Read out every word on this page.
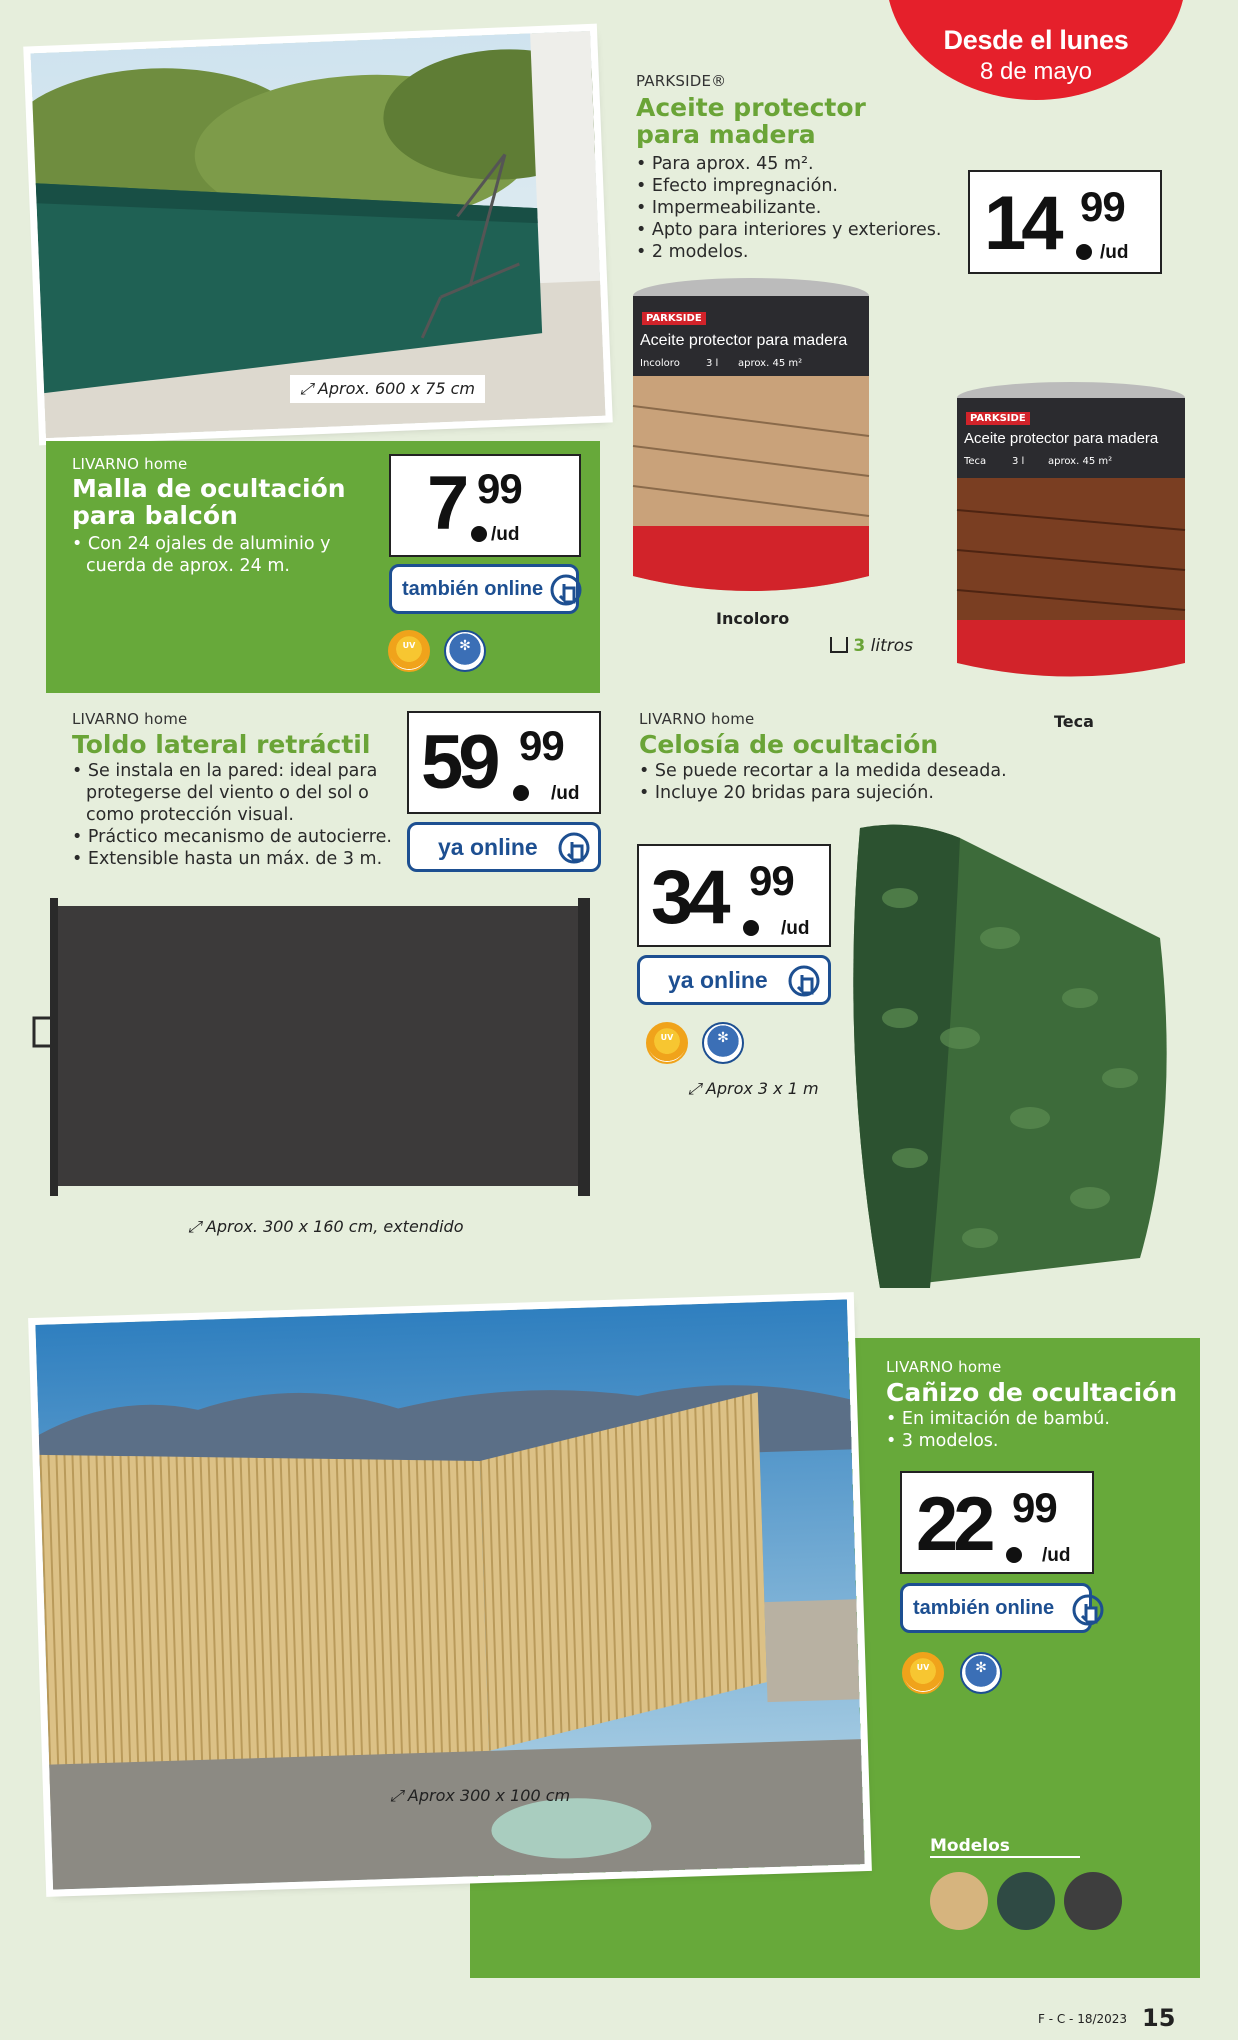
Desde el lunes
8 de mayo
⤢ Aprox. 600 x 75 cm
LIVARNO home
Malla de ocultación
para balcón
• Con 24 ojales de aluminio y
cuerda de aprox. 24 m.
7 99
/ud
también online
UV
✻
PARKSIDE®
Aceite protector
para madera
• Para aprox. 45 m².
• Efecto impregnación.
• Impermeabilizante.
• Apto para interiores y exteriores.
• 2 modelos.	14 99
/ud
PARKSIDE
Aceite protector para madera
Incoloro	3 l aprox. 45 m²
Incoloro
PARKSIDE
Aceite protector para madera
Teca	3 l aprox. 45 m²
Teca
3 litros
LIVARNO home
Toldo lateral retráctil
• Se instala en la pared: ideal para
protegerse del viento o del sol o
como protección visual.
• Práctico mecanismo de autocierre.
• Extensible hasta un máx. de 3 m.
59 99
/ud
ya online
⤢ Aprox. 300 x 160 cm, extendido
LIVARNO home
Celosía de ocultación
• Se puede recortar a la medida deseada.
• Incluye 20 bridas para sujeción.
34 99
/ud
ya online
UV
✻
⤢ Aprox 3 x 1 m
LIVARNO home
Cañizo de ocultación
• En imitación de bambú.
• 3 modelos.
⤢ Aprox 300 x 100 cm
22 99
/ud
también online
UV
✻
Modelos
F - C - 18/2023 15
